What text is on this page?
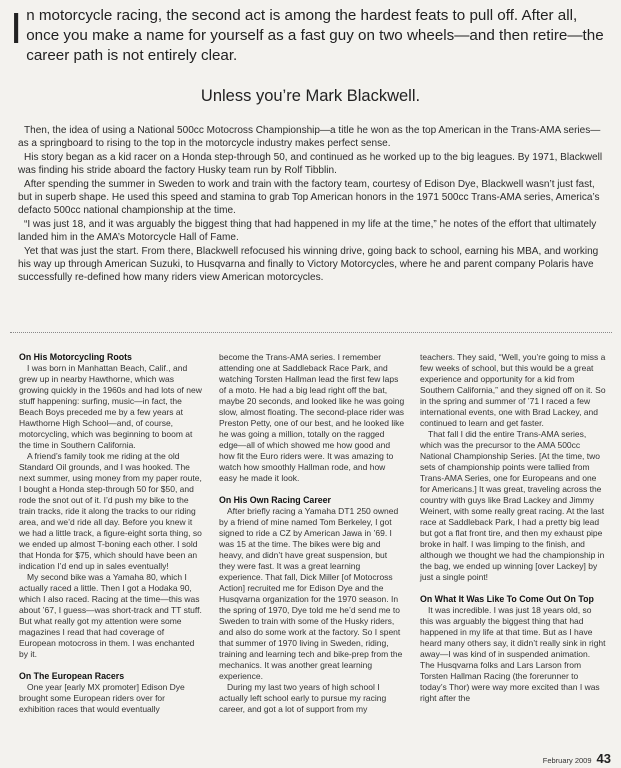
In motorcycle racing, the second act is among the hardest feats to pull off. After all, once you make a name for yourself as a fast guy on two wheels—and then retire—the career path is not entirely clear.
Unless you’re Mark Blackwell.

Then, the idea of using a National 500cc Motocross Championship—a title he won as the top American in the Trans-AMA series—as a springboard to rising to the top in the motorcycle industry makes perfect sense.

His story began as a kid racer on a Honda step-through 50, and continued as he worked up to the big leagues. By 1971, Blackwell was finding his stride aboard the factory Husky team run by Rolf Tibblin.

After spending the summer in Sweden to work and train with the factory team, courtesy of Edison Dye, Blackwell wasn’t just fast, but in superb shape. He used this speed and stamina to grab Top American honors in the 1971 500cc Trans-AMA series, America’s defacto 500cc national championship at the time.

“I was just 18, and it was arguably the biggest thing that had happened in my life at the time,” he notes of the effort that ultimately landed him in the AMA’s Motorcycle Hall of Fame.

Yet that was just the start. From there, Blackwell refocused his winning drive, going back to school, earning his MBA, and working his way up through American Suzuki, to Husqvarna and finally to Victory Motorcycles, where he and parent company Polaris have successfully re-defined how many riders view American motorcycles.

On His Motorcycling Roots

I was born in Manhattan Beach, Calif., and grew up in nearby Hawthorne, which was growing quickly in the 1960s and had lots of new stuff happening: surfing, music—in fact, the Beach Boys preceded me by a few years at Hawthorne High School—and, of course, motorcycling, which was beginning to boom at the time in Southern California.

A friend’s family took me riding at the old Standard Oil grounds, and I was hooked. The next summer, using money from my paper route, I bought a Honda step-through 50 for $50, and rode the snot out of it. I’d push my bike to the train tracks, ride it along the tracks to our riding area, and we’d ride all day. Before you knew it we had a little track, a figure-eight sorta thing, so we ended up almost T-boning each other. I sold that Honda for $75, which should have been an indication I’d end up in sales eventually!

My second bike was a Yamaha 80, which I actually raced a little. Then I got a Hodaka 90, which I also raced. Racing at the time—this was about ’67, I guess—was short-track and TT stuff. But what really got my attention were some magazines I read that had coverage of European motocross in them. I was enchanted by it.

On The European Racers

One year [early MX promoter] Edison Dye brought some European riders over for exhibition races that would eventually

become the Trans-AMA series. I remember attending one at Saddleback Race Park, and watching Torsten Hallman lead the first few laps of a moto. He had a big lead right off the bat, maybe 20 seconds, and looked like he was going slow, almost floating. The second-place rider was Preston Petty, one of our best, and he looked like he was going a million, totally on the ragged edge—all of which showed me how good and how fit the Euro riders were. It was amazing to watch how smoothly Hallman rode, and how easy he made it look.

On His Own Racing Career

After briefly racing a Yamaha DT1 250 owned by a friend of mine named Tom Berkeley, I got signed to ride a CZ by American Jawa in ’69. I was 15 at the time. The bikes were big and heavy, and didn’t have great suspension, but they were fast. It was a great learning experience. That fall, Dick Miller [of Motocross Action] recruited me for Edison Dye and the Husqvarna organization for the 1970 season. In the spring of 1970, Dye told me he’d send me to Sweden to train with some of the Husky riders, and also do some work at the factory. So I spent that summer of 1970 living in Sweden, riding, training and learning tech and bike-prep from the mechanics. It was another great learning experience.

During my last two years of high school I actually left school early to pursue my racing career, and got a lot of support from my

teachers. They said, “Well, you’re going to miss a few weeks of school, but this would be a great experience and opportunity for a kid from Southern California,” and they signed off on it. So in the spring and summer of ’71 I raced a few international events, one with Brad Lackey, and continued to learn and get faster.

That fall I did the entire Trans-AMA series, which was the precursor to the AMA 500cc National Championship Series. [At the time, two sets of championship points were tallied from Trans-AMA Series, one for Europeans and one for Americans.] It was great, traveling across the country with guys like Brad Lackey and Jimmy Weinert, with some really great racing. At the last race at Saddleback Park, I had a pretty big lead but got a flat front tire, and then my exhaust pipe broke in half. I was limping to the finish, and although we thought we had the championship in the bag, we ended up winning [over Lackey] by just a single point!

On What It Was Like To Come Out On Top

It was incredible. I was just 18 years old, so this was arguably the biggest thing that had happened in my life at that time. But as I have heard many others say, it didn’t really sink in right away—I was kind of in suspended animation. The Husqvarna folks and Lars Larson from Torsten Hallman Racing (the forerunner to today’s Thor) were way more excited than I was right after the

February 2009 43
